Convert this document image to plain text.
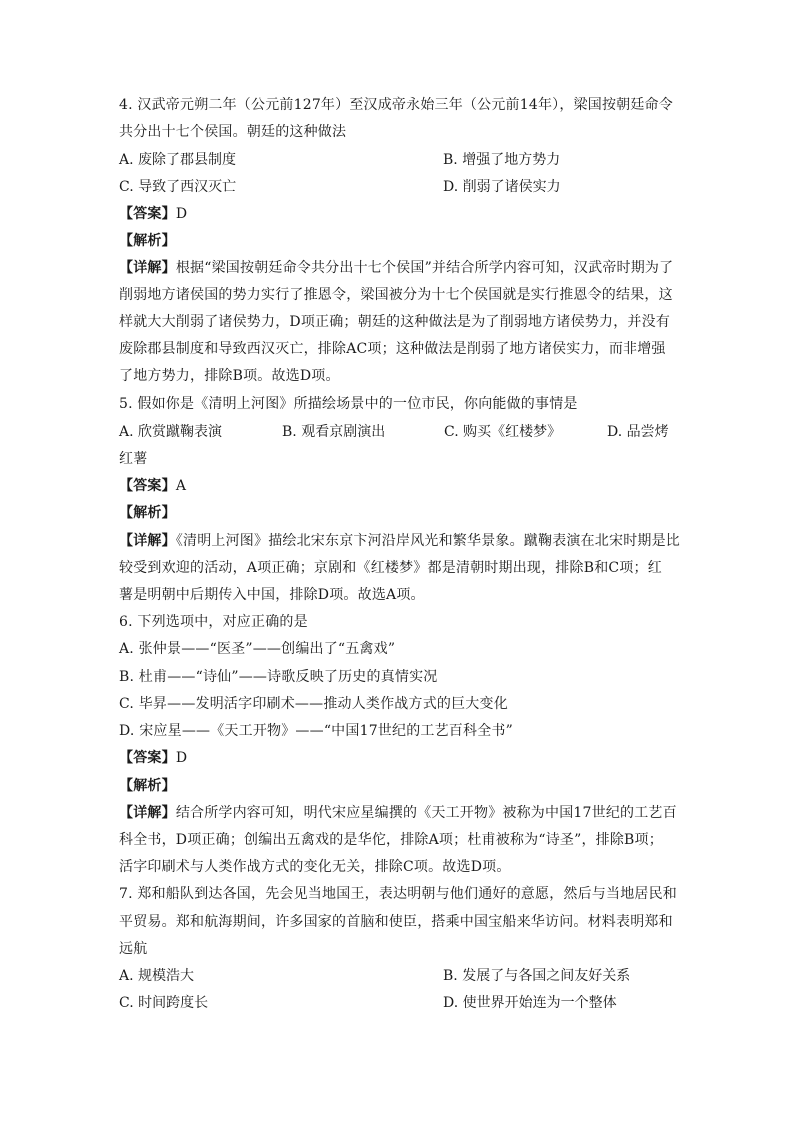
4. 汉武帝元朔二年（公元前127年）至汉成帝永始三年（公元前14年），梁国按朝廷命令
共分出十七个侯国。朝廷的这种做法
A. 废除了郡县制度	B. 增强了地方势力
C. 导致了西汉灭亡	D. 削弱了诸侯实力
【答案】D
【解析】
【详解】根据“梁国按朝廷命令共分出十七个侯国”并结合所学内容可知，汉武帝时期为了
削弱地方诸侯国的势力实行了推恩令，梁国被分为十七个侯国就是实行推恩令的结果，这
样就大大削弱了诸侯势力，D项正确；朝廷的这种做法是为了削弱地方诸侯势力，并没有
废除郡县制度和导致西汉灭亡，排除AC项；这种做法是削弱了地方诸侯实力，而非增强
了地方势力，排除B项。故选D项。
5. 假如你是《清明上河图》所描绘场景中的一位市民，你向能做的事情是
A. 欣赏蹴鞠表演	B. 观看京剧演出	C. 购买《红楼梦》	D. 品尝烤
红薯
【答案】A
【解析】
【详解】《清明上河图》描绘北宋东京卞河沿岸风光和繁华景象。蹴鞠表演在北宋时期是比
较受到欢迎的活动，A项正确；京剧和《红楼梦》都是清朝时期出现，排除B和C项；红
薯是明朝中后期传入中国，排除D项。故选A项。
6. 下列选项中，对应正确的是
A. 张仲景——“医圣”——创编出了“五禽戏”
B. 杜甫——“诗仙”——诗歌反映了历史的真情实况
C. 毕昇——发明活字印刷术——推动人类作战方式的巨大变化
D. 宋应星——《天工开物》——“中国17世纪的工艺百科全书”
【答案】D
【解析】
【详解】结合所学内容可知，明代宋应星编撰的《天工开物》被称为中国17世纪的工艺百
科全书，D项正确；创编出五禽戏的是华佗，排除A项；杜甫被称为“诗圣”，排除B项；
活字印刷术与人类作战方式的变化无关，排除C项。故选D项。
7. 郑和船队到达各国，先会见当地国王，表达明朝与他们通好的意愿，然后与当地居民和
平贸易。郑和航海期间，许多国家的首脑和使臣，搭乘中国宝船来华访问。材料表明郑和
远航
A. 规模浩大	B. 发展了与各国之间友好关系
C. 时间跨度长	D. 使世界开始连为一个整体
